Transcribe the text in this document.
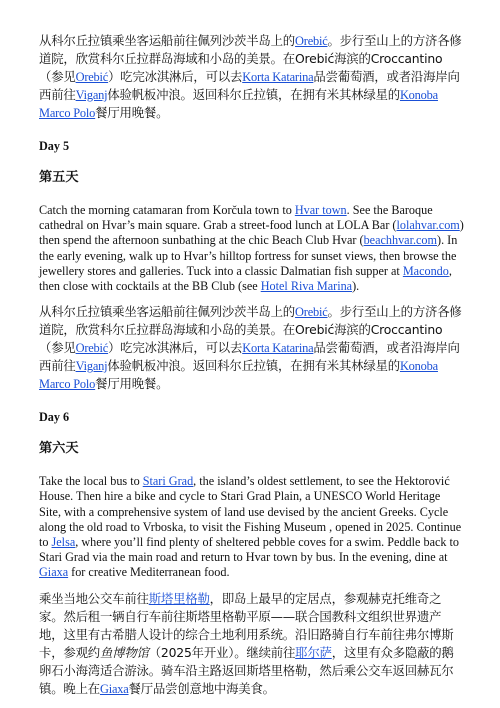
从科尔丘拉镇乘坐客运船前往佩列沙茨半岛上的Orebić。步行至山上的方济各修道院，欣赏科尔丘拉群岛海域和小岛的美景。在Orebić海滨的Croccantino（参见Orebić）吃完冰淇淋后，可以去Korta Katarina品尝葡萄酒，或者沿海岸向西前往Viganj体验帆板冲浪。返回科尔丘拉镇，在拥有米其林绿星的Konoba Marco Polo餐厅用晚餐。

Day 5

第五天

Catch the morning catamaran from Korčula town to Hvar town. See the Baroque cathedral on Hvar’s main square. Grab a street-food lunch at LOLA Bar (lolahvar.com) then spend the afternoon sunbathing at the chic Beach Club Hvar (beachhvar.com). In the early evening, walk up to Hvar’s hilltop fortress for sunset views, then browse the jewellery stores and galleries. Tuck into a classic Dalmatian fish supper at Macondo, then close with cocktails at the BB Club (see Hotel Riva Marina).

从科尔丘拉镇乘坐客运船前往佩列沙茨半岛上的Orebić。步行至山上的方济各修道院，欣赏科尔丘拉群岛海域和小岛的美景。在Orebić海滨的Croccantino（参见Orebić）吃完冰淇淋后，可以去Korta Katarina品尝葡萄酒，或者沿海岸向西前往Viganj体验帆板冲浪。返回科尔丘拉镇，在拥有米其林绿星的Konoba Marco Polo餐厅用晚餐。

Day 6

第六天

Take the local bus to Stari Grad, the island’s oldest settlement, to see the Hektorović House. Then hire a bike and cycle to Stari Grad Plain, a UNESCO World Heritage Site, with a comprehensive system of land use devised by the ancient Greeks. Cycle along the old road to Vrboska, to visit the Fishing Museum , opened in 2025. Continue to Jelsa, where you’ll find plenty of sheltered pebble coves for a swim. Peddle back to Stari Grad via the main road and return to Hvar town by bus. In the evening, dine at Giaxa for creative Mediterranean food.

乘坐当地公交车前往斯塔里格勒，即岛上最早的定居点，参观赫克托维奇之家。然后租一辆自行车前往斯塔里格勒平原——联合国教科文组织世界遗产地，这里有古希腊人设计的综合土地利用系统。沿旧路骑自行车前往弗尔博斯卡，参观约鱼博物馆（2025年开业）。继续前往耶尔萨，这里有众多隐蔽的鹅卵石小海湾适合游泳。骑车沿主路返回斯塔里格勒，然后乘公交车返回赫瓦尔镇。晚上在Giaxa餐厅品尝创意地中海美食。
